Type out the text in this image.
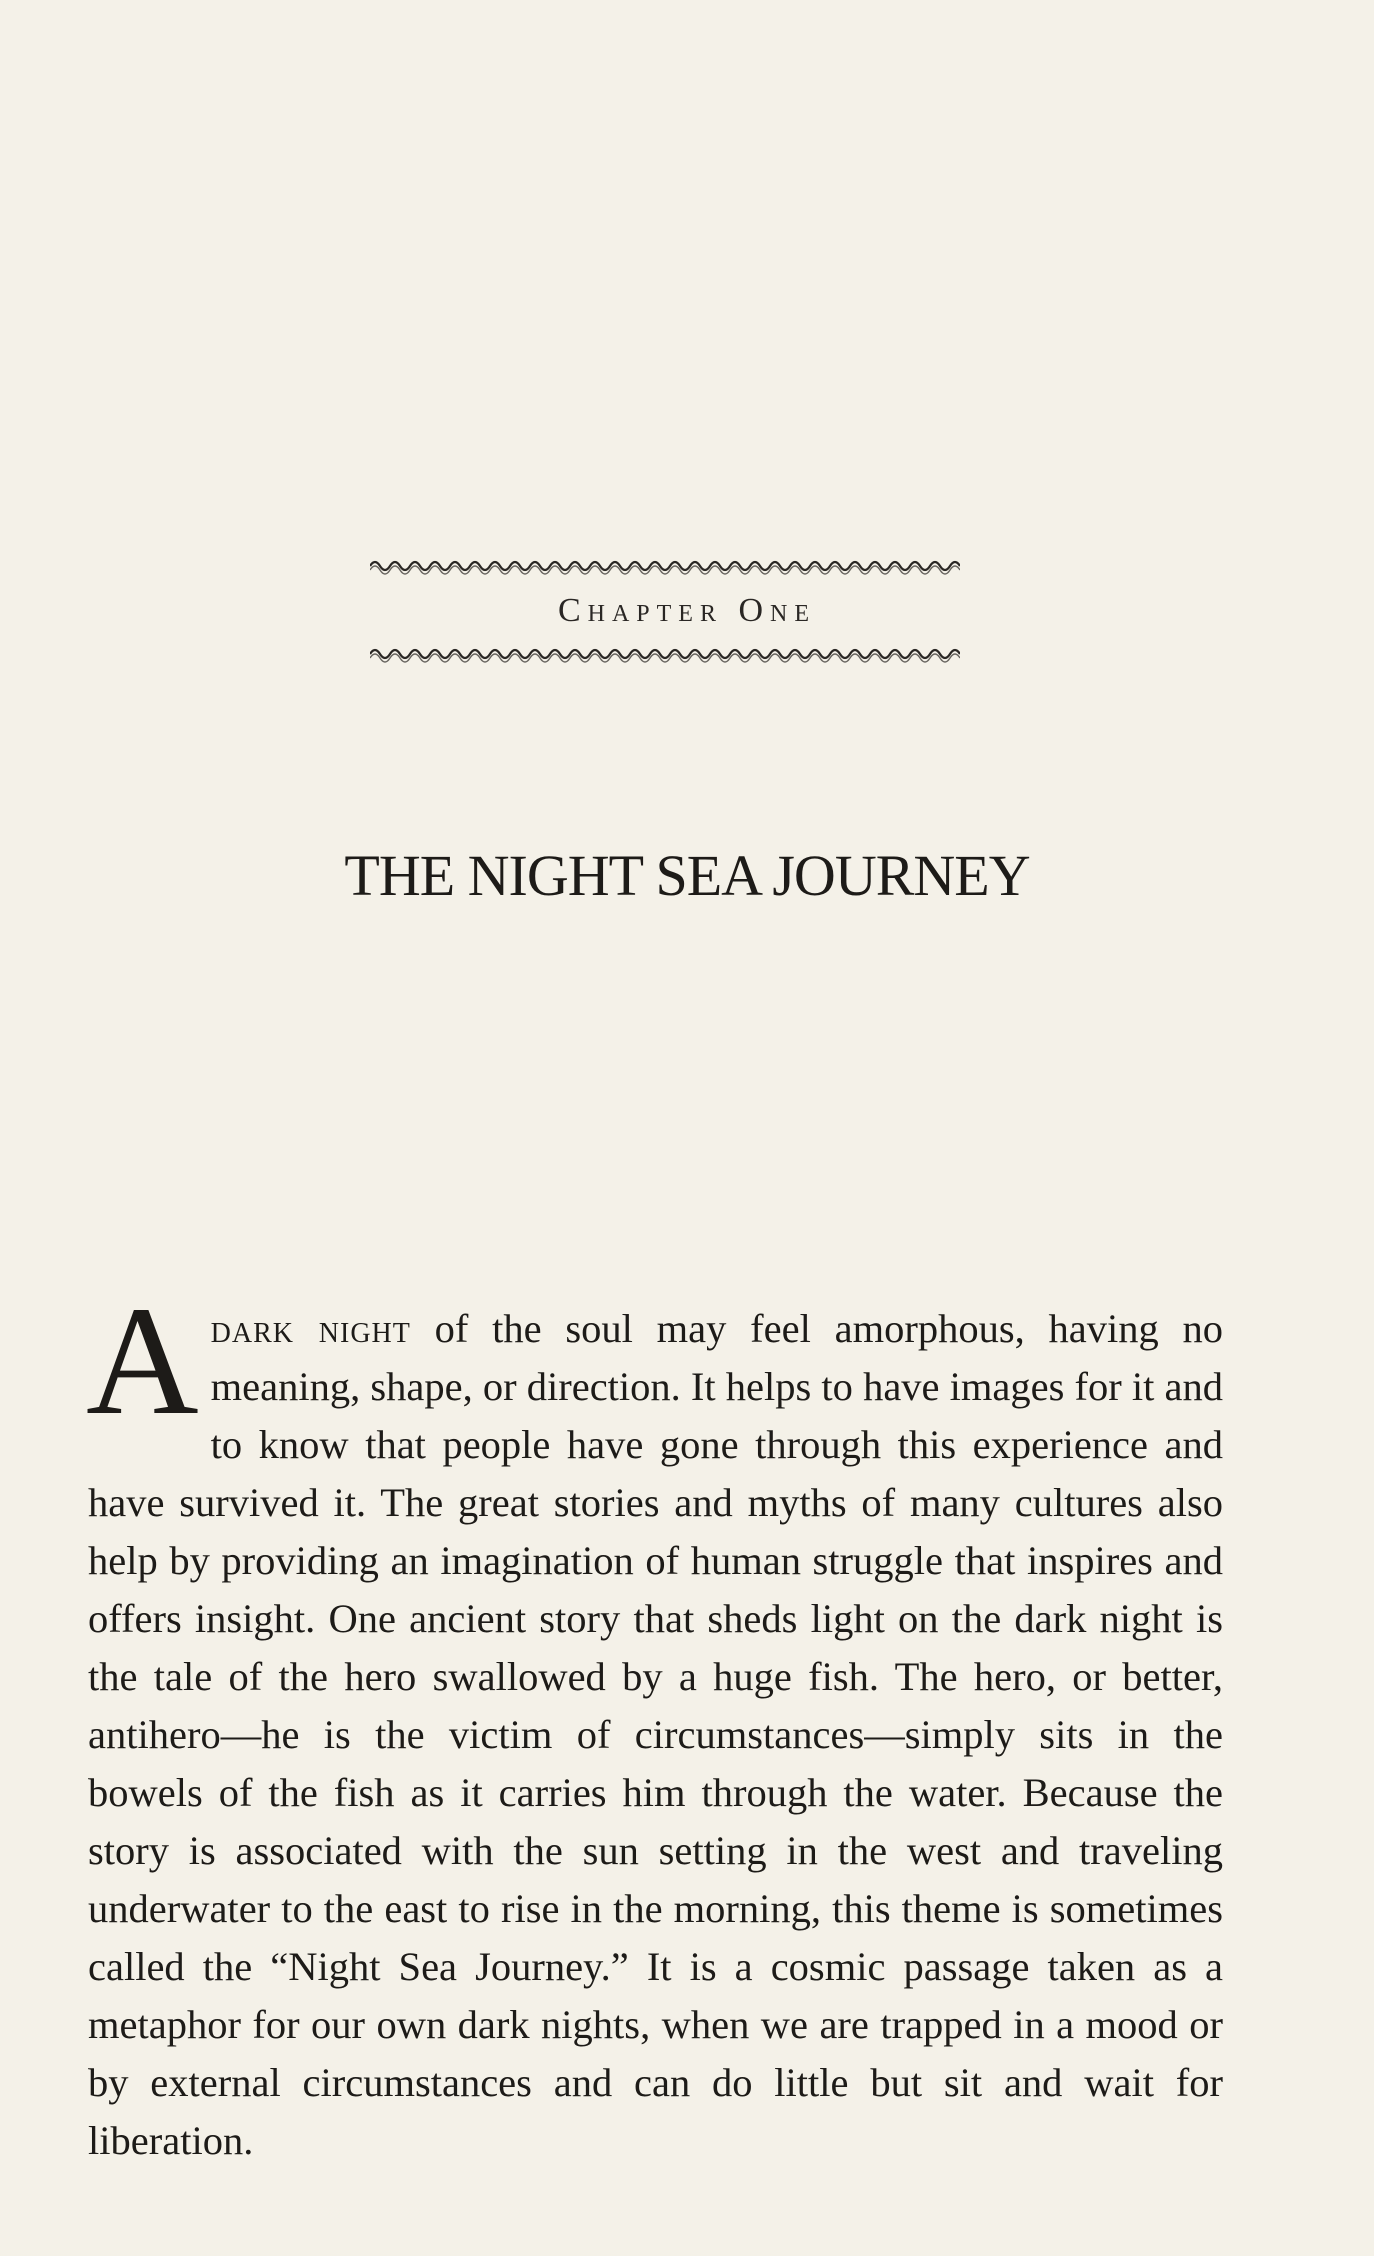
﻿
Chapter One
THE NIGHT SEA JOURNEY

Adark night of the soul may feel amorphous, having no meaning, shape, or direction. It helps to have images for it and to know that people have gone through this experience and have survived it. The great stories and myths of many cultures also help by providing an imagination of human struggle that inspires and offers insight. One ancient story that sheds light on the dark night is the tale of the hero swallowed by a huge fish. The hero, or better, antihero—he is the victim of circumstances—simply sits in the bowels of the fish as it carries him through the water. Because the story is associated with the sun setting in the west and traveling underwater to the east to rise in the morning, this theme is sometimes called the “Night Sea Journey.” It is a cosmic passage taken as a metaphor for our own dark nights, when we are trapped in a mood or by external circumstances and can do little but sit and wait for liberation.
